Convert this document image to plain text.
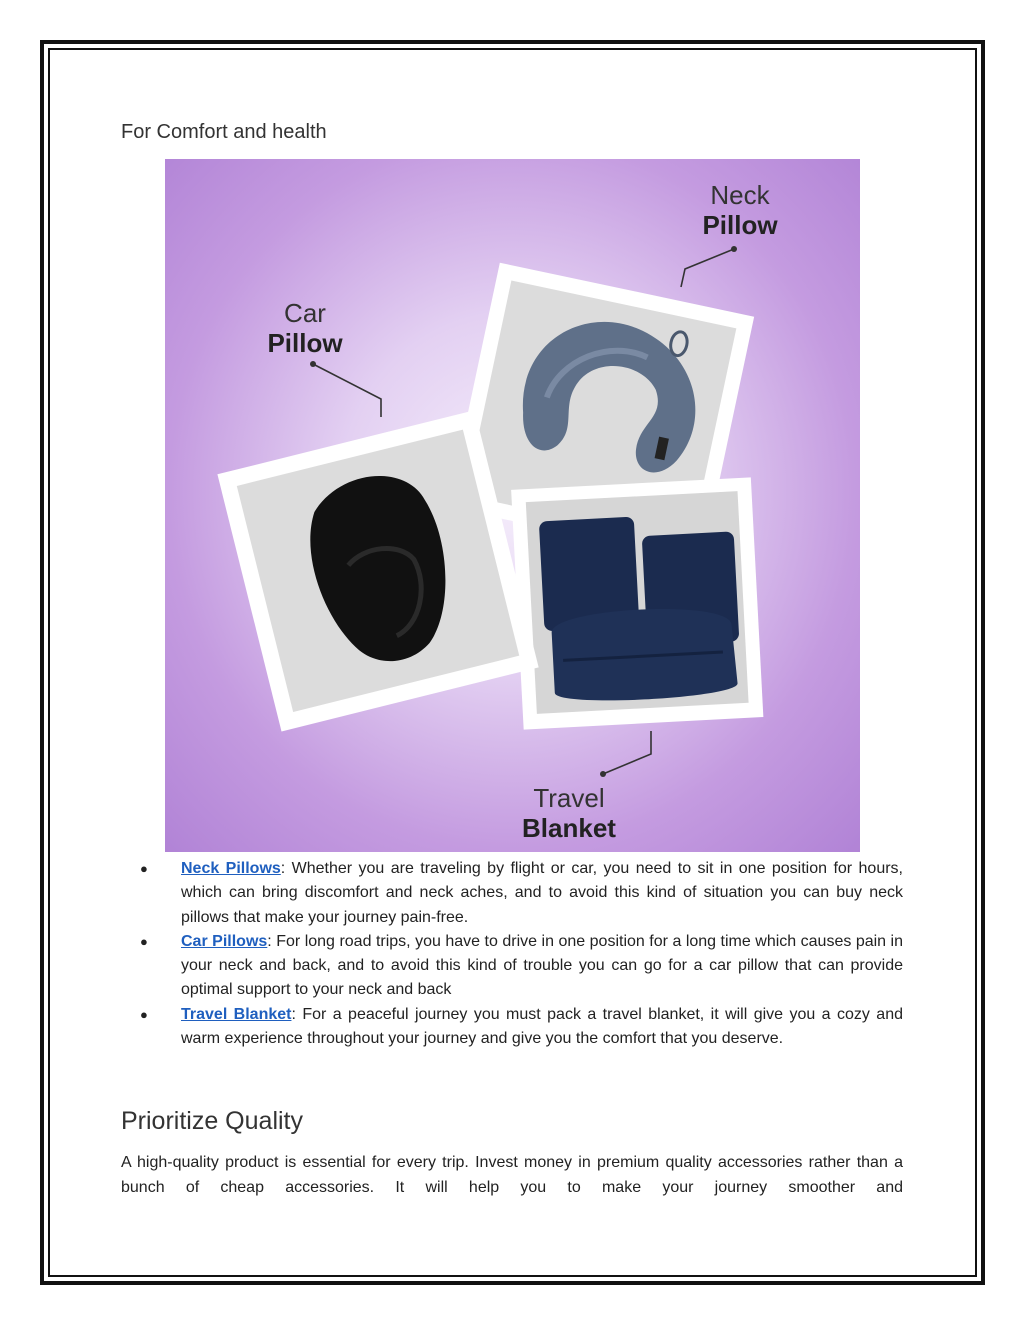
For Comfort and health
Neck
Pillow
Car
Pillow
Travel
Blanket
● Neck Pillows: Whether you are traveling by flight or car, you need to sit in one position for hours, which can bring discomfort and neck aches, and to avoid this kind of situation you can buy neck pillows that make your journey pain-free.
● Car Pillows: For long road trips, you have to drive in one position for a long time which causes pain in your neck and back, and to avoid this kind of trouble you can go for a car pillow that can provide optimal support to your neck and back
● Travel Blanket: For a peaceful journey you must pack a travel blanket, it will give you a cozy and warm experience throughout your journey and give you the comfort that you deserve.
Prioritize Quality

A high-quality product is essential for every trip. Invest money in premium quality accessories rather than a bunch of cheap accessories. It will help you to make your journey smoother and
